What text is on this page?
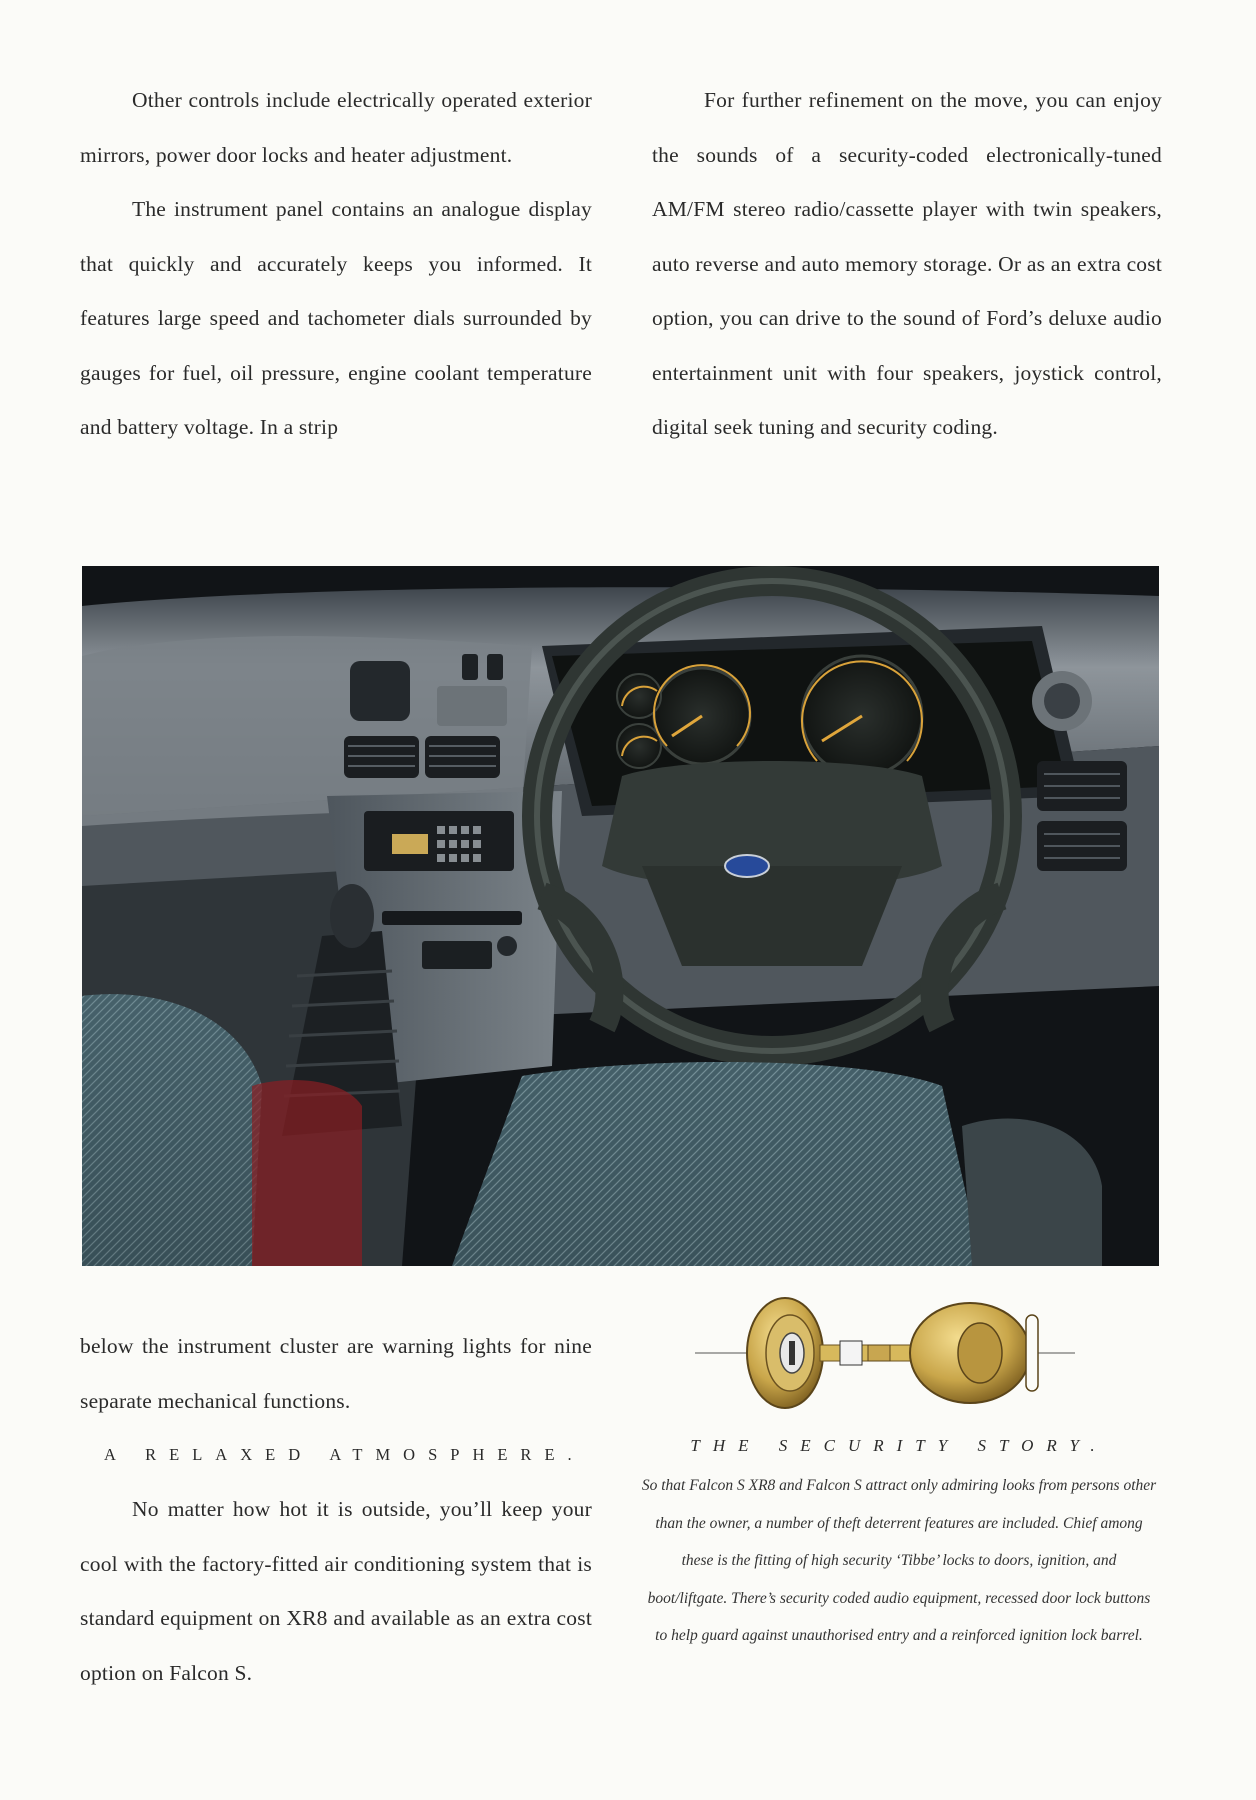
Other controls include electrically operated exterior mirrors, power door locks and heater adjustment.

The instrument panel contains an analogue display that quickly and accurately keeps you informed. It features large speed and tachometer dials surrounded by gauges for fuel, oil pressure, engine coolant temperature and battery voltage. In a strip

For further refinement on the move, you can enjoy the sounds of a security-coded electronically-tuned AM/FM stereo radio/cassette player with twin speakers, auto reverse and auto memory storage. Or as an extra cost option, you can drive to the sound of Ford’s deluxe audio entertainment unit with four speakers, joystick control, digital seek tuning and security coding.

below the instrument cluster are warning lights for nine separate mechanical functions.

A RELAXED ATMOSPHERE.

No matter how hot it is outside, you’ll keep your cool with the factory-fitted air conditioning system that is standard equipment on XR8 and available as an extra cost option on Falcon S.

THE SECURITY STORY.
So that Falcon S XR8 and Falcon S attract only admiring looks from persons other than the owner, a number of theft deterrent features are included. Chief among these is the fitting of high security ‘Tibbe’ locks to doors, ignition, and boot/liftgate. There’s security coded audio equipment, recessed door lock buttons to help guard against unauthorised entry and a reinforced ignition lock barrel.
